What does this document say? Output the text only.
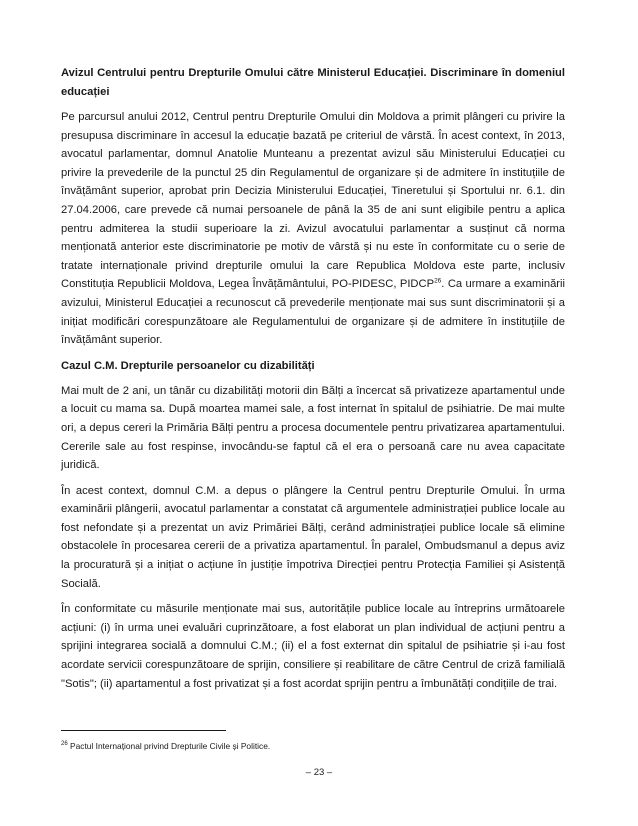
Avizul Centrului pentru Drepturile Omului către Ministerul Educației. Discriminare în domeniul educației

Pe parcursul anului 2012, Centrul pentru Drepturile Omului din Moldova a primit plângeri cu privire la presupusa discriminare în accesul la educație bazată pe criteriul de vârstă. În acest context, în 2013, avocatul parlamentar, domnul Anatolie Munteanu a prezentat avizul său Ministerului Educației cu privire la prevederile de la punctul 25 din Regulamentul de organizare și de admitere în instituțiile de învățământ superior, aprobat prin Decizia Ministerului Educației, Tineretului și Sportului nr. 6.1. din 27.04.2006, care prevede că numai persoanele de până la 35 de ani sunt eligibile pentru a aplica pentru admiterea la studii superioare la zi. Avizul avocatului parlamentar a susținut că norma menționată anterior este discriminatorie pe motiv de vârstă și nu este în conformitate cu o serie de tratate internaționale privind drepturile omului la care Republica Moldova este parte, inclusiv Constituția Republicii Moldova, Legea Învățământului, PO-PIDESC, PIDCP$^{26}$. Ca urmare a examinării avizului, Ministerul Educației a recunoscut că prevederile menționate mai sus sunt discriminatorii și a inițiat modificări corespunzătoare ale Regulamentului de organizare și de admitere în instituțiile de învățământ superior.

Cazul C.M. Drepturile persoanelor cu dizabilități

Mai mult de 2 ani, un tânăr cu dizabilități motorii din Bălți a încercat să privatizeze apartamentul unde a locuit cu mama sa. După moartea mamei sale, a fost internat în spitalul de psihiatrie. De mai multe ori, a depus cereri la Primăria Bălți pentru a procesa documentele pentru privatizarea apartamentului. Cererile sale au fost respinse, invocându-se faptul că el era o persoană care nu avea capacitate juridică.

În acest context, domnul C.M. a depus o plângere la Centrul pentru Drepturile Omului. În urma examinării plângerii, avocatul parlamentar a constatat că argumentele administrației publice locale au fost nefondate și a prezentat un aviz Primăriei Bălți, cerând administrației publice locale să elimine obstacolele în procesarea cererii de a privatiza apartamentul. În paralel, Ombudsmanul a depus aviz la procuratură și a inițiat o acțiune în justiție împotriva Direcției pentru Protecția Familiei și Asistență Socială.

În conformitate cu măsurile menționate mai sus, autoritățile publice locale au întreprins următoarele acțiuni: (i) în urma unei evaluări cuprinzătoare, a fost elaborat un plan individual de acțiuni pentru a sprijini integrarea socială a domnului C.M.; (ii) el a fost externat din spitalul de psihiatrie și i-au fost acordate servicii corespunzătoare de sprijin, consiliere și reabilitare de către Centrul de criză familială "Sotis"; (ii) apartamentul a fost privatizat și a fost acordat sprijin pentru a îmbunătăți condițiile de trai.

$^{26}$ Pactul Internațional privind Drepturile Civile și Politice.
– 23 –
